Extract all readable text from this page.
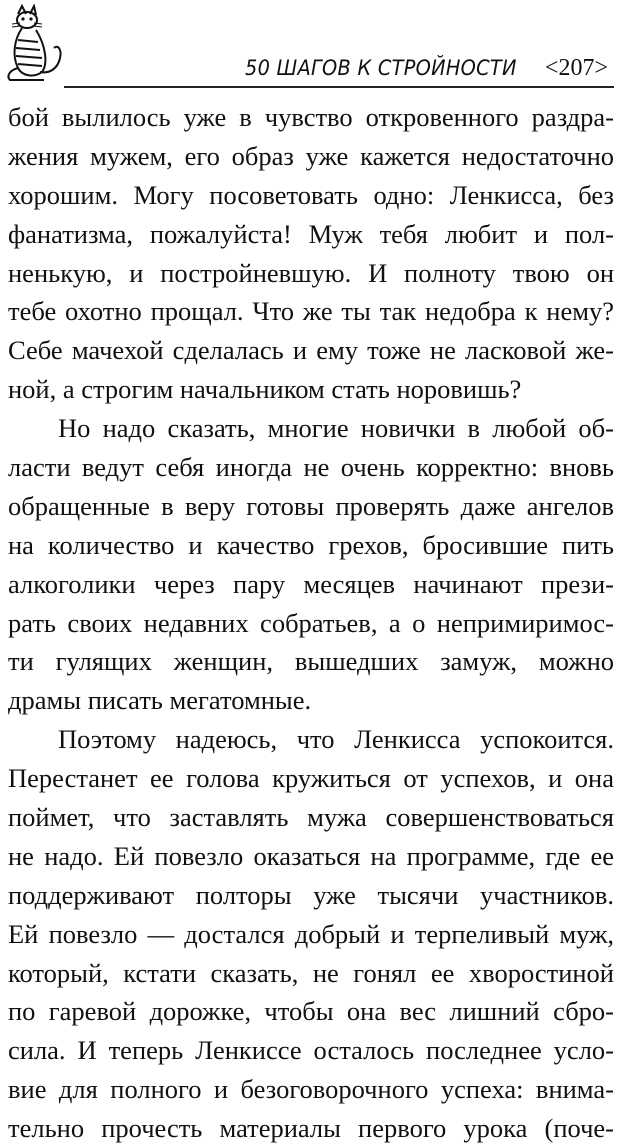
50 ШАГОВ К СТРОЙНОСТИ <207>
бой вылилось уже в чувство откровенного раздра-
жения мужем, его образ уже кажется недостаточно
хорошим. Могу посоветовать одно: Ленкисса, без
фанатизма, пожалуйста! Муж тебя любит и пол-
ненькую, и постройневшую. И полноту твою он
тебе охотно прощал. Что же ты так недобра к нему?
Себе мачехой сделалась и ему тоже не ласковой же-
ной, а строгим начальником стать норовишь?
Но надо сказать, многие новички в любой об-
ласти ведут себя иногда не очень корректно: вновь
обращенные в веру готовы проверять даже ангелов
на количество и качество грехов, бросившие пить
алкоголики через пару месяцев начинают прези-
рать своих недавних собратьев, а о непримиримос-
ти гулящих женщин, вышедших замуж, можно
драмы писать мегатомные.
Поэтому надеюсь, что Ленкисса успокоится.
Перестанет ее голова кружиться от успехов, и она
поймет, что заставлять мужа совершенствоваться
не надо. Ей повезло оказаться на программе, где ее
поддерживают полторы уже тысячи участников.
Ей повезло — достался добрый и терпеливый муж,
который, кстати сказать, не гонял ее хворостиной
по гаревой дорожке, чтобы она вес лишний сбро-
сила. И теперь Ленкиссе осталось последнее усло-
вие для полного и безоговорочного успеха: внима-
тельно прочесть материалы первого урока (поче-
